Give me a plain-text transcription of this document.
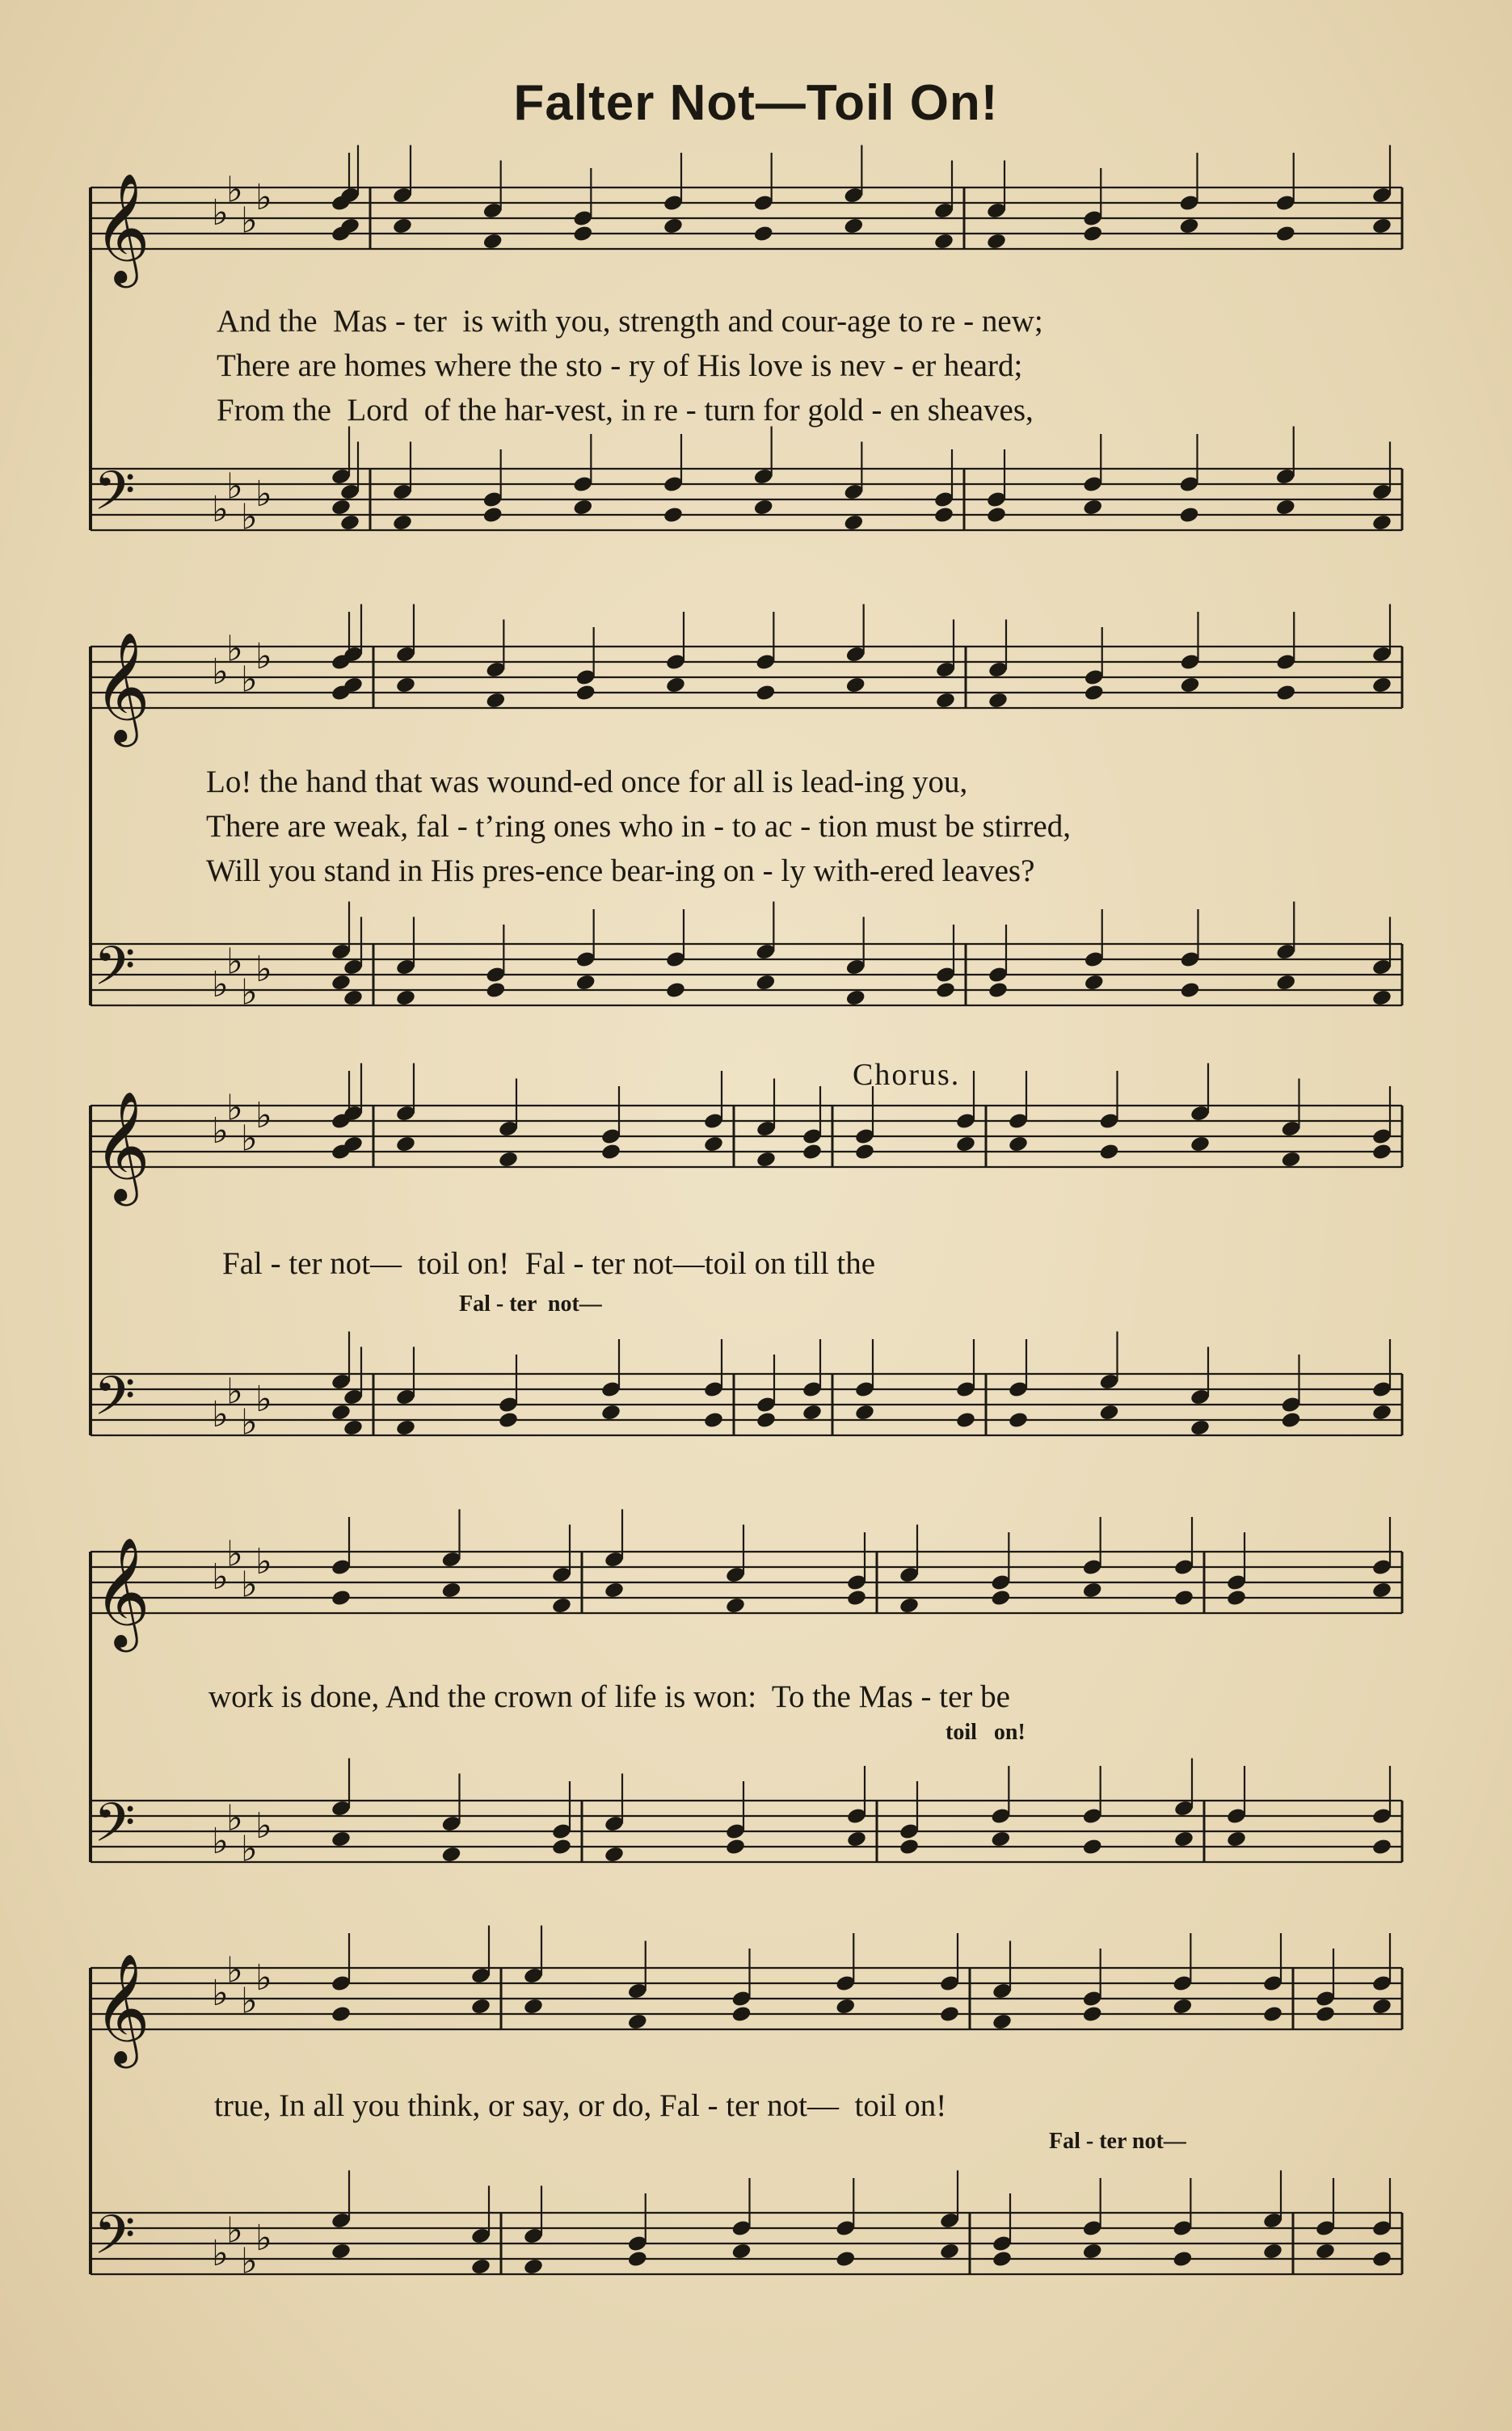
Falter Not—Toil On!
Chorus.
𝄞 ♭
♭
♭
♭
𝄢 ♭
♭
♭
♭
𝄞 ♭
♭
♭
♭
𝄢 ♭
♭
♭
♭
𝄞 ♭
♭
♭
♭
𝄢 ♭
♭
♭
♭
𝄞 ♭
♭
♭
♭
𝄢 ♭
♭
♭
♭
𝄞 ♭
♭
♭
♭
𝄢 ♭
♭
♭
♭
And the  Mas - ter  is with you, strength and cour-age to re - new;
There are homes where the sto - ry of His love is nev - er heard;
From the  Lord  of the har-vest, in re - turn for gold - en sheaves,
Lo! the hand that was wound-ed once for all is lead-ing you,
There are weak, fal - t’ring ones who in - to ac - tion must be stirred,
Will you stand in His pres-ence bear-ing on - ly with-ered leaves?
Fal - ter not—  toil on!  Fal - ter not—toil on till the
Fal - ter  not—
work is done, And the crown of life is won:  To the Mas - ter be
toil   on!
true, In all you think, or say, or do, Fal - ter not—  toil on!
Fal - ter not—
